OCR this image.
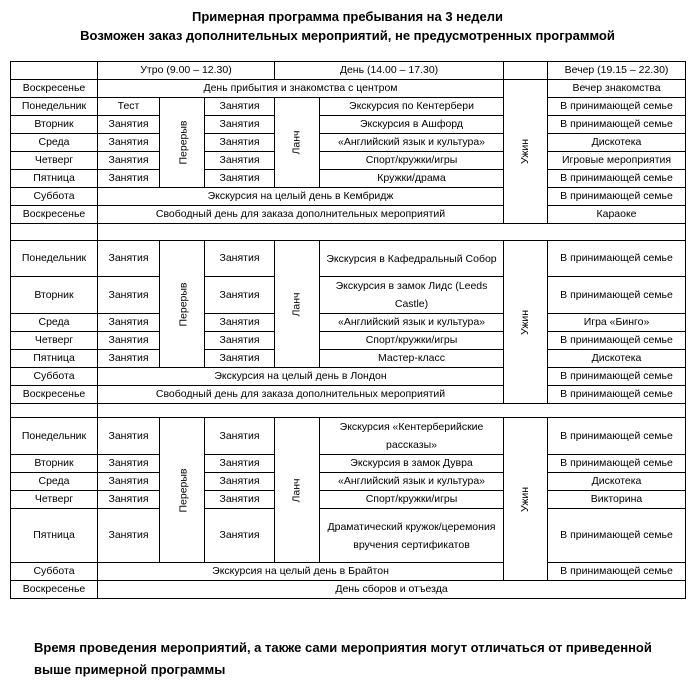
Примерная программа пребывания на 3 недели
Возможен заказ дополнительных мероприятий, не предусмотренных программой
	Утро (9.00 – 12.30)			День (14.00 – 17.30)			Вечер (19.15 – 22.30)
Воскресенье	День прибытия и знакомства с центром					Ужин	Вечер знакомства
Понедельник	Тест	Перерыв	Занятия	Ланч	Экскурсия по Кентербери		В принимающей семье
Вторник	Занятия		Занятия		Экскурсия в Ашфорд		В принимающей семье
Среда	Занятия		Занятия		«Английский язык и культура»		Дискотека
Четверг	Занятия		Занятия		Спорт/кружки/игры		Игровые мероприятия
Пятница	Занятия		Занятия		Кружки/драма		В принимающей семье
Суббота	Экскурсия на целый день в Кембридж						В принимающей семье
Воскресенье	Свободный день для заказа дополнительных мероприятий						Караоке

Понедельник	Занятия	Перерыв	Занятия	Ланч	Экскурсия в Кафедральный Собор	Ужин	В принимающей семье
Вторник	Занятия		Занятия		Экскурсия в замок Лидс (Leeds Castle)		В принимающей семье
Среда	Занятия		Занятия		«Английский язык и культура»		Игра «Бинго»
Четверг	Занятия		Занятия		Спорт/кружки/игры		В принимающей семье
Пятница	Занятия		Занятия		Мастер-класс		Дискотека
Суббота	Экскурсия на целый день в Лондон						В принимающей семье
Воскресенье	Свободный день для заказа дополнительных мероприятий						В принимающей семье

Понедельник	Занятия	Перерыв	Занятия	Ланч	Экскурсия «Кентерберийские рассказы»	Ужин	В принимающей семье
Вторник	Занятия		Занятия		Экскурсия в замок Дувра		В принимающей семье
Среда	Занятия		Занятия		«Английский язык и культура»		Дискотека
Четверг	Занятия		Занятия		Спорт/кружки/игры		Викторина
Пятница	Занятия		Занятия		Драматический кружок/церемония вручения сертификатов		В принимающей семье
Суббота	Экскурсия на целый день в Брайтон						В принимающей семье
Воскресенье	День сборов и отъезда						
Время проведения мероприятий, а также сами мероприятия могут отличаться от приведенной выше примерной программы
